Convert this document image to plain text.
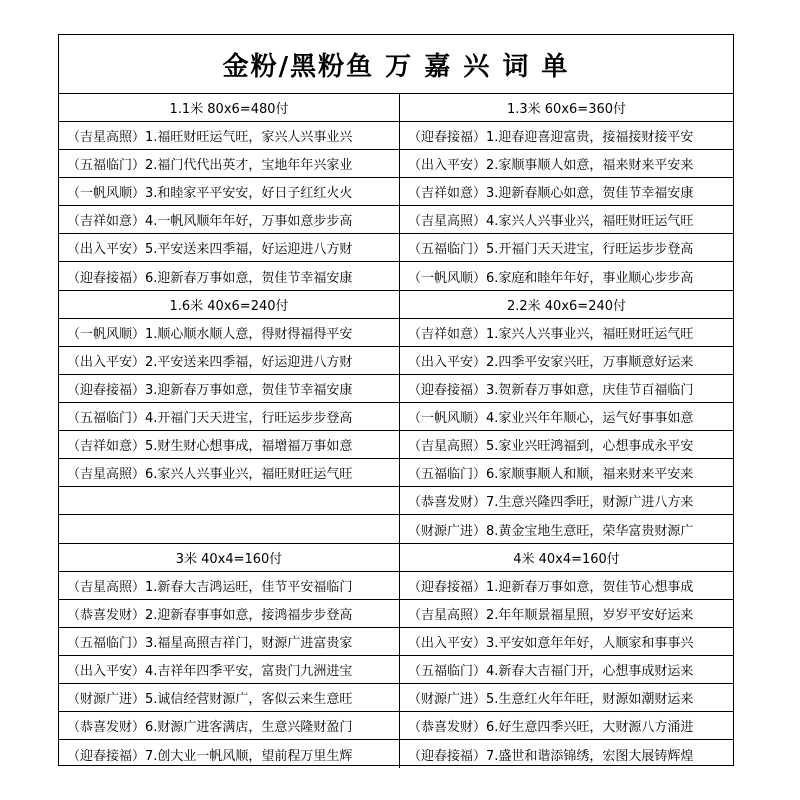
金粉/黑粉鱼 万 嘉 兴 词 单
1.1米 80x6=480付
（吉星高照）1.福旺财旺运气旺，家兴人兴事业兴
（五福临门）2.福门代代出英才，宝地年年兴家业
（一帆风顺）3.和睦家平平安安，好日子红红火火
（吉祥如意）4.一帆风顺年年好，万事如意步步高
（出入平安）5.平安送来四季福，好运迎进八方财
（迎春接福）6.迎新春万事如意，贺佳节幸福安康
1.3米 60x6=360付
（迎春接福）1.迎春迎喜迎富贵，接福接财接平安
（出入平安）2.家顺事顺人如意，福来财来平安来
（吉祥如意）3.迎新春顺心如意，贺佳节幸福安康
（吉星高照）4.家兴人兴事业兴，福旺财旺运气旺
（五福临门）5.开福门天天进宝，行旺运步步登高
（一帆风顺）6.家庭和睦年年好，事业顺心步步高
1.6米 40x6=240付
（一帆风顺）1.顺心顺水顺人意，得财得福得平安
（出入平安）2.平安送来四季福，好运迎进八方财
（迎春接福）3.迎新春万事如意，贺佳节幸福安康
（五福临门）4.开福门天天进宝，行旺运步步登高
（吉祥如意）5.财生财心想事成，福增福万事如意
（吉星高照）6.家兴人兴事业兴，福旺财旺运气旺
2.2米 40x6=240付
（吉祥如意）1.家兴人兴事业兴，福旺财旺运气旺
（出入平安）2.四季平安家兴旺，万事顺意好运来
（迎春接福）3.贺新春万事如意，庆佳节百福临门
（一帆风顺）4.家业兴年年顺心，运气好事事如意
（吉星高照）5.家业兴旺鸿福到，心想事成永平安
（五福临门）6.家顺事顺人和顺，福来财来平安来
（恭喜发财）7.生意兴隆四季旺，财源广进八方来
（财源广进）8.黄金宝地生意旺，荣华富贵财源广
3米 40x4=160付
（吉星高照）1.新春大吉鸿运旺，佳节平安福临门
（恭喜发财）2.迎新春事事如意，接鸿福步步登高
（五福临门）3.福星高照吉祥门，财源广进富贵家
（出入平安）4.吉祥年四季平安，富贵门九洲进宝
（财源广进）5.诚信经营财源广，客似云来生意旺
（恭喜发财）6.财源广进客满店，生意兴隆财盈门
（迎春接福）7.创大业一帆风顺，望前程万里生辉
4米 40x4=160付
（迎春接福）1.迎新春万事如意，贺佳节心想事成
（吉星高照）2.年年顺景福星照，岁岁平安好运来
（出入平安）3.平安如意年年好，人顺家和事事兴
（五福临门）4.新春大吉福门开，心想事成财运来
（财源广进）5.生意红火年年旺，财源如潮财运来
（恭喜发财）6.好生意四季兴旺，大财源八方涌进
（迎春接福）7.盛世和谐添锦绣，宏图大展铸辉煌
